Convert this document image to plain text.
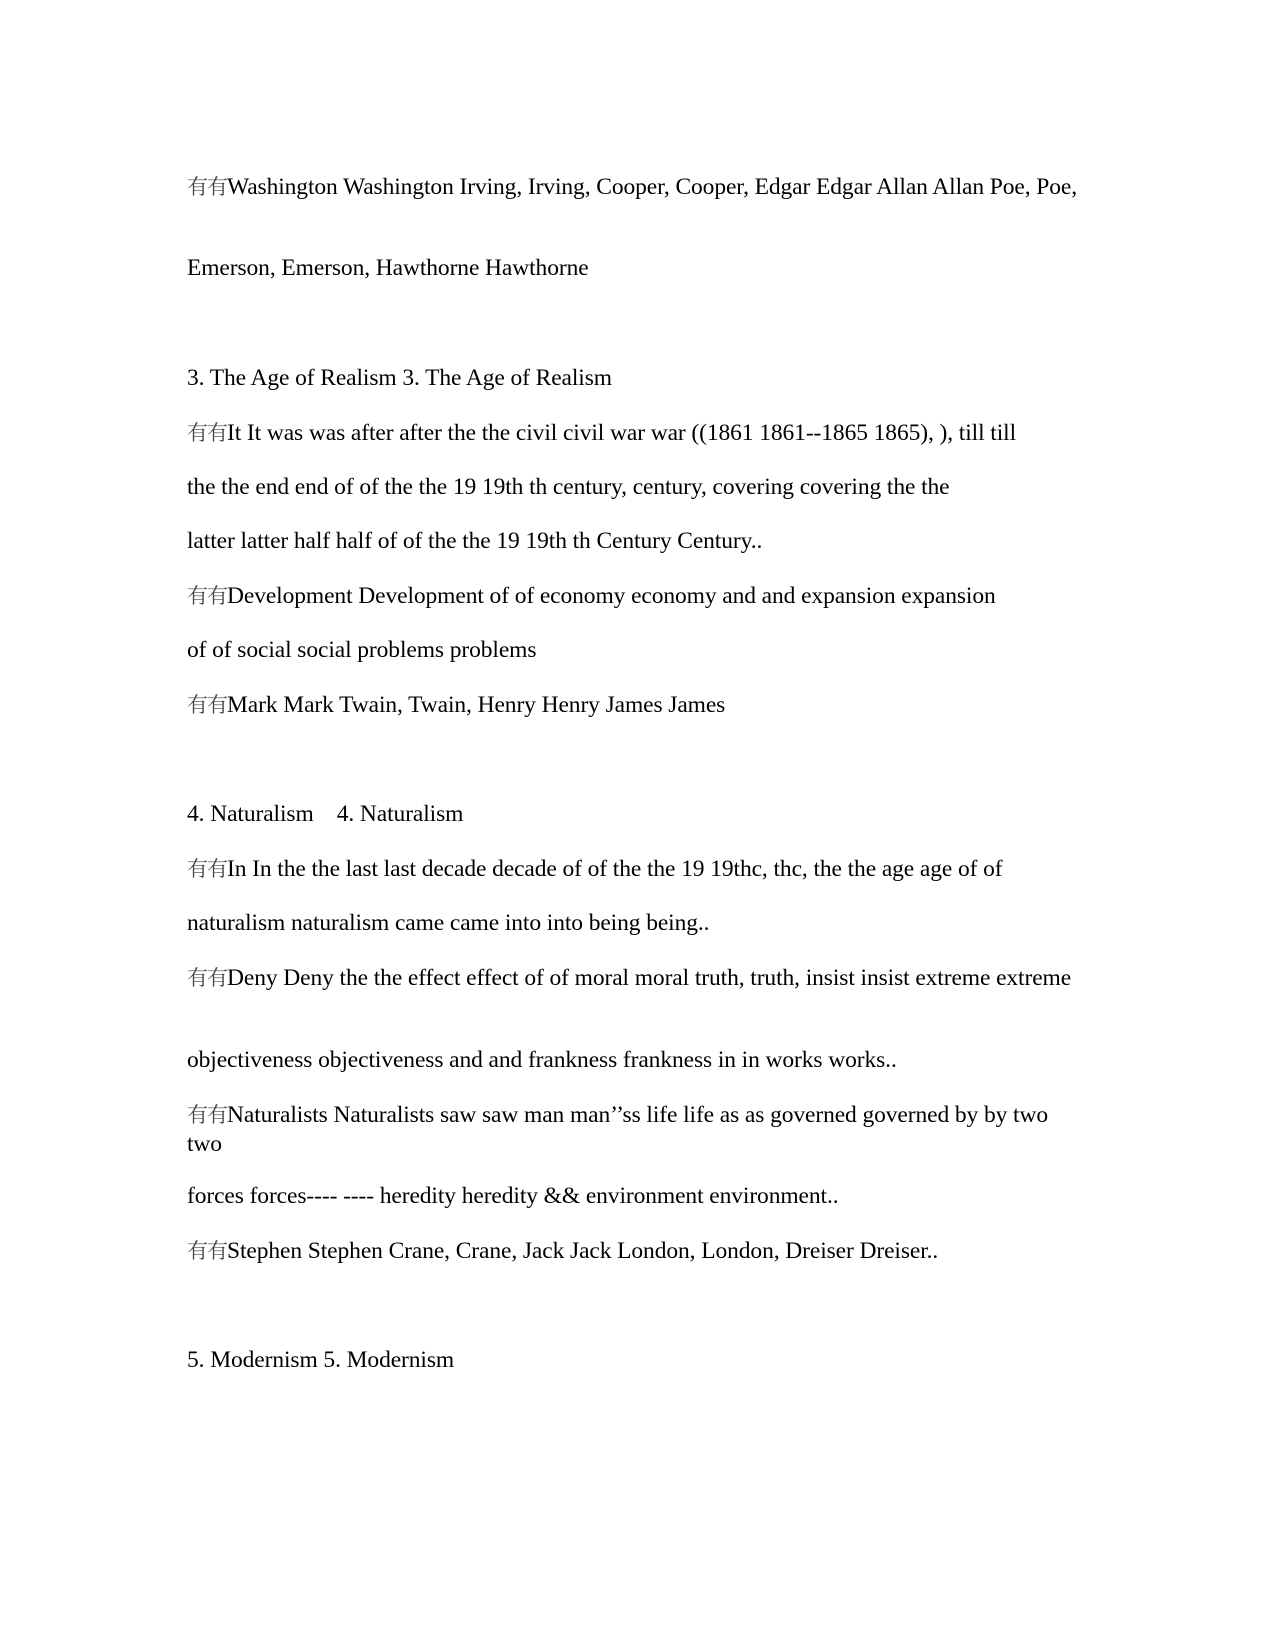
有有Washington Washington Irving, Irving, Cooper, Cooper, Edgar Edgar Allan Allan Poe, Poe,
Emerson, Emerson, Hawthorne Hawthorne
3. The Age of Realism 3. The Age of Realism
有有It It was was after after the the civil civil war war ((1861 1861--1865 1865), ), till till
the the end end of of the the 19 19th th century, century, covering covering the the
latter latter half half of of the the 19 19th th Century Century..
有有Development Development of of economy economy and and expansion expansion
of of social social problems problems
有有Mark Mark Twain, Twain, Henry Henry James James
4. Naturalism    4. Naturalism
有有In In the the last last decade decade of of the the 19 19thc, thc, the the age age of of
naturalism naturalism came came into into being being..
有有Deny Deny the the effect effect of of moral moral truth, truth, insist insist extreme extreme
objectiveness objectiveness and and frankness frankness in in works works..
有有Naturalists Naturalists saw saw man man’’ss life life as as governed governed by by two two
forces forces---- ---- heredity heredity && environment environment..
有有Stephen Stephen Crane, Crane, Jack Jack London, London, Dreiser Dreiser..
5. Modernism 5. Modernism
